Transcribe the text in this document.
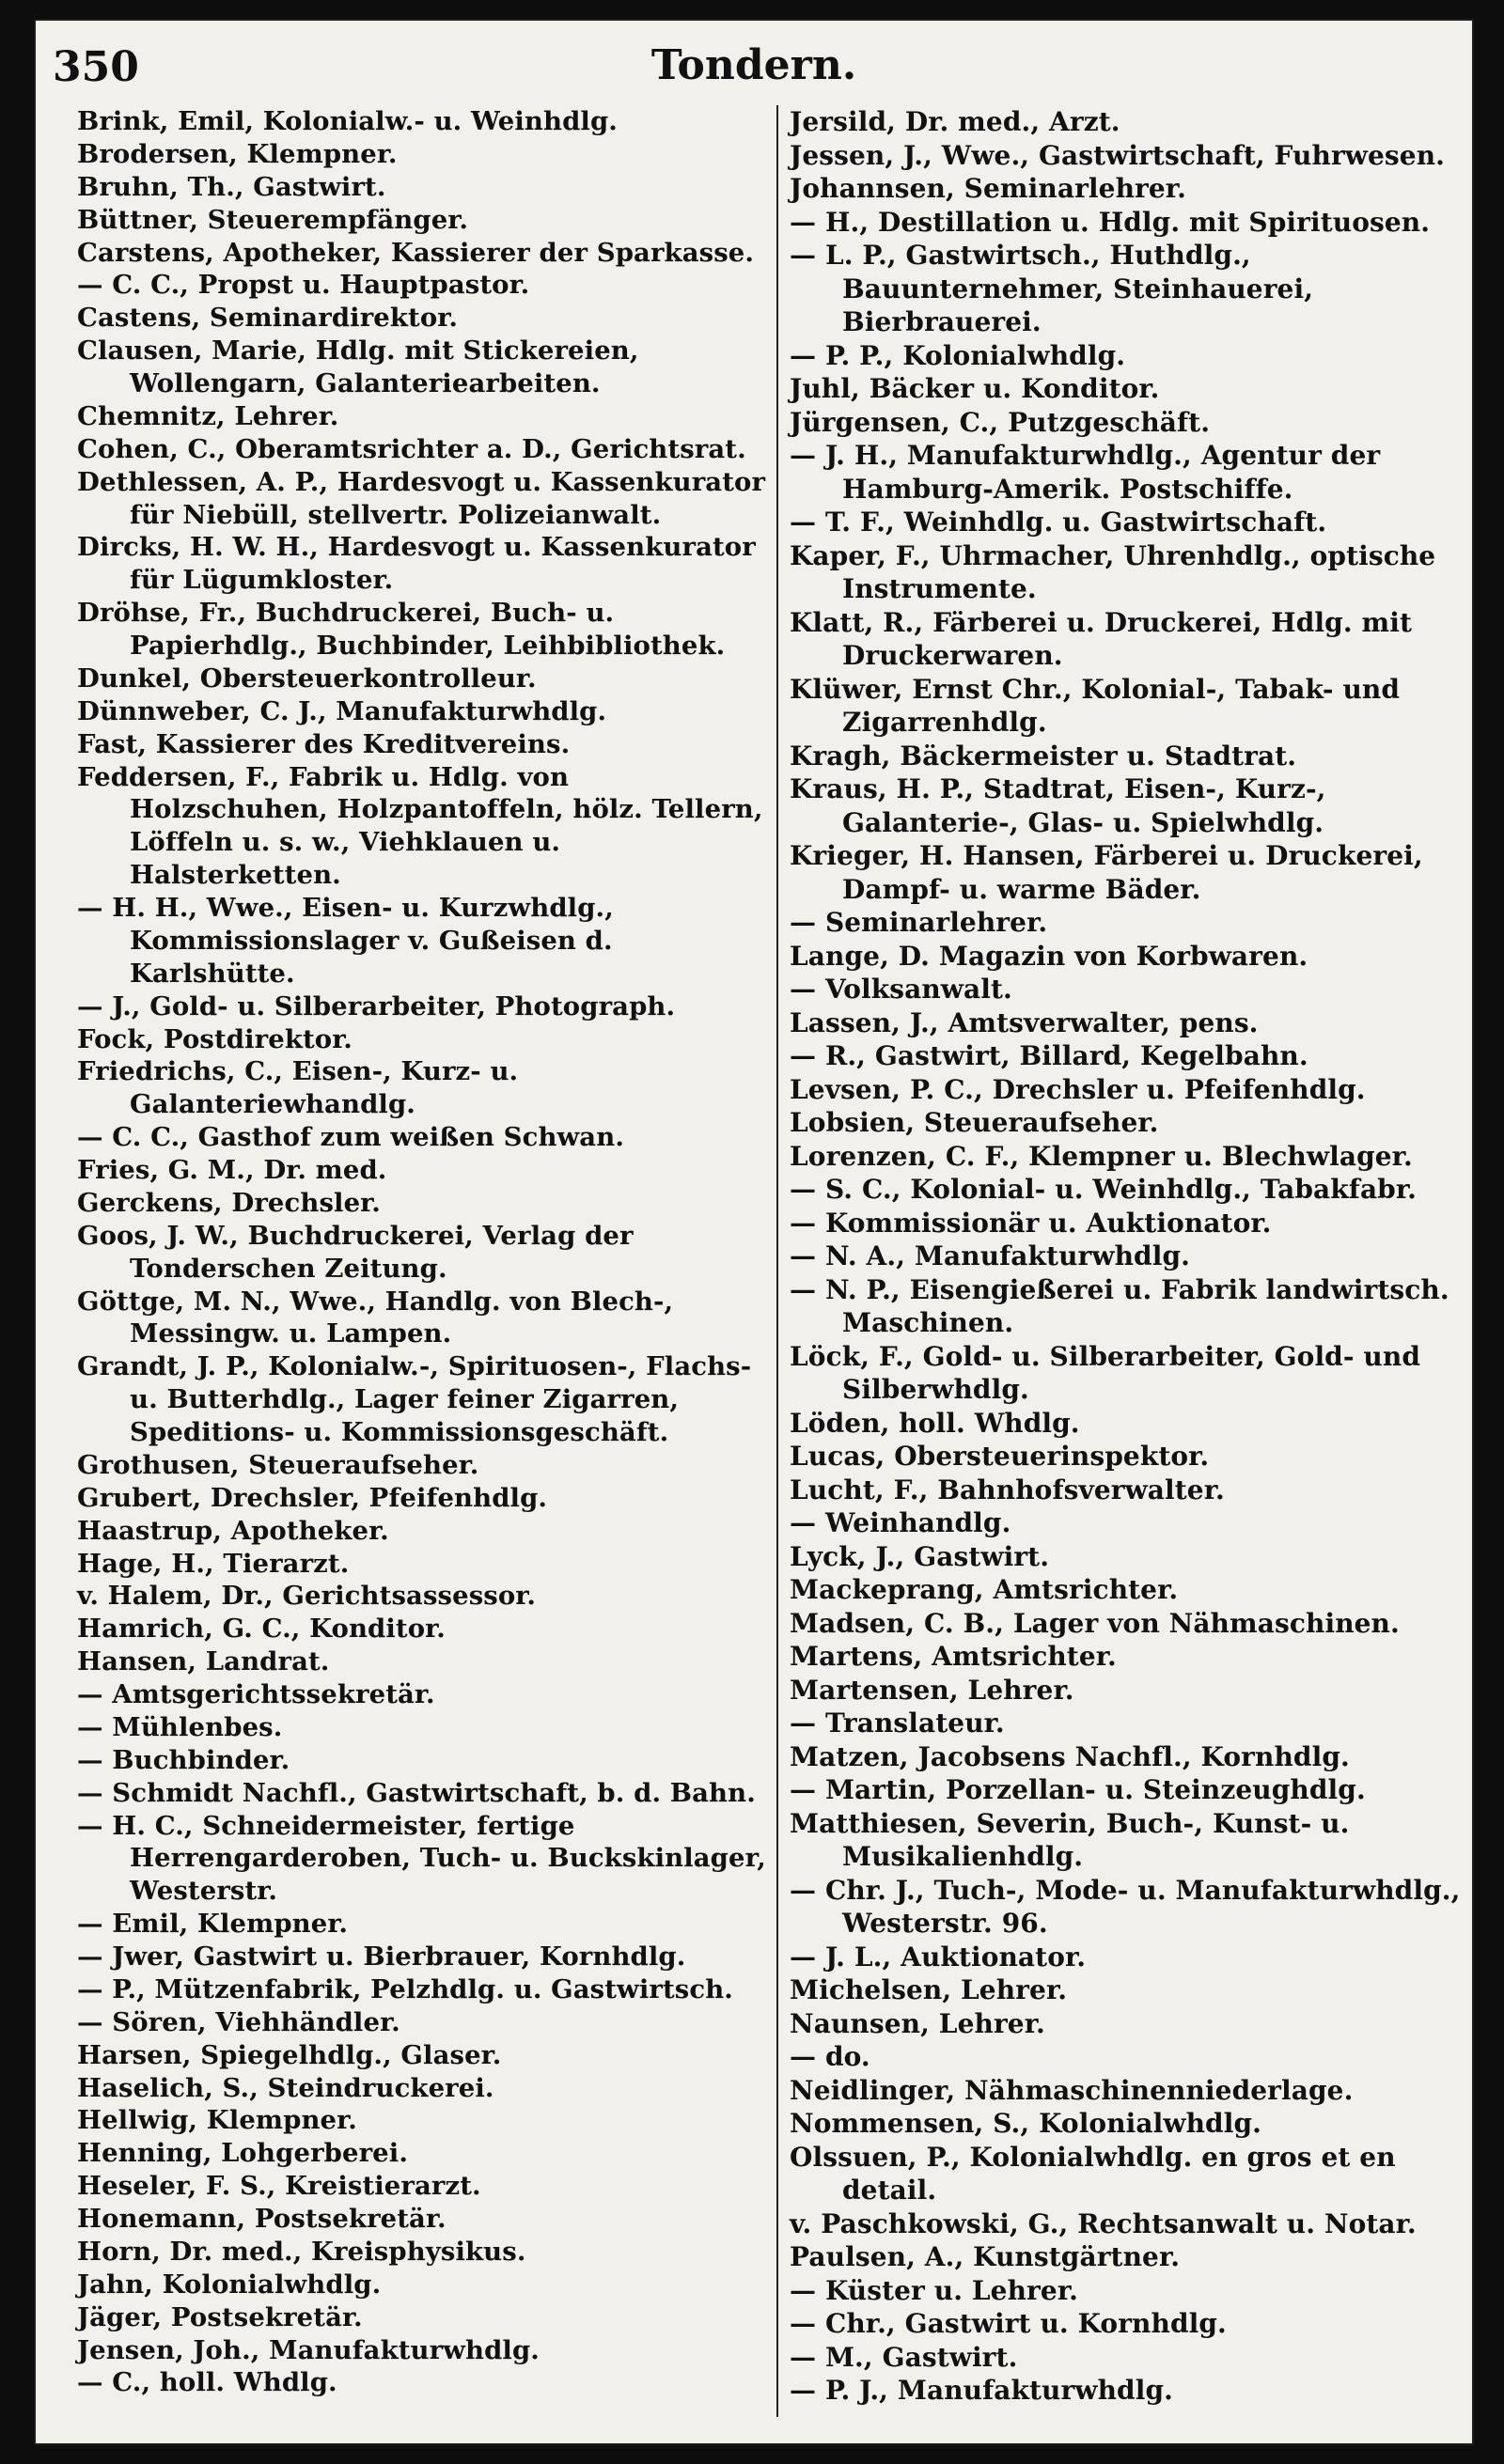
350	Tondern.
Brink, Emil, Kolonialw.- u. Weinhdlg.
Brodersen, Klempner.
Bruhn, Th., Gastwirt.
Büttner, Steuerempfänger.
Carstens, Apotheker, Kassierer der Sparkasse.
— C. C., Propst u. Hauptpastor.
Castens, Seminardirektor.
Clausen, Marie, Hdlg. mit Stickereien, Wollengarn, Galanteriearbeiten.
Chemnitz, Lehrer.
Cohen, C., Oberamtsrichter a. D., Gerichtsrat.
Dethlessen, A. P., Hardesvogt u. Kassenkurator für Niebüll, stellvertr. Polizeianwalt.
Dircks, H. W. H., Hardesvogt u. Kassenkurator für Lügumkloster.
Dröhse, Fr., Buchdruckerei, Buch- u. Papierhdlg., Buchbinder, Leihbibliothek.
Dunkel, Obersteuerkontrolleur.
Dünnweber, C. J., Manufakturwhdlg.
Fast, Kassierer des Kreditvereins.
Feddersen, F., Fabrik u. Hdlg. von Holzschuhen, Holzpantoffeln, hölz. Tellern, Löffeln u. s. w., Viehklauen u. Halsterketten.
— H. H., Wwe., Eisen- u. Kurzwhdlg., Kommissionslager v. Gußeisen d. Karlshütte.
— J., Gold- u. Silberarbeiter, Photograph.
Fock, Postdirektor.
Friedrichs, C., Eisen-, Kurz- u. Galanteriewhandlg.
— C. C., Gasthof zum weißen Schwan.
Fries, G. M., Dr. med.
Gerckens, Drechsler.
Goos, J. W., Buchdruckerei, Verlag der Tonderschen Zeitung.
Göttge, M. N., Wwe., Handlg. von Blech-, Messingw. u. Lampen.
Grandt, J. P., Kolonialw.-, Spirituosen-, Flachs- u. Butterhdlg., Lager feiner Zigarren, Speditions- u. Kommissionsgeschäft.
Grothusen, Steueraufseher.
Grubert, Drechsler, Pfeifenhdlg.
Haastrup, Apotheker.
Hage, H., Tierarzt.
v. Halem, Dr., Gerichtsassessor.
Hamrich, G. C., Konditor.
Hansen, Landrat.
— Amtsgerichtssekretär.
— Mühlenbes.
— Buchbinder.
— Schmidt Nachfl., Gastwirtschaft, b. d. Bahn.
— H. C., Schneidermeister, fertige Herrengarderoben, Tuch- u. Buckskinlager, Westerstr.
— Emil, Klempner.
— Jwer, Gastwirt u. Bierbrauer, Kornhdlg.
— P., Mützenfabrik, Pelzhdlg. u. Gastwirtsch.
— Sören, Viehhändler.
Harsen, Spiegelhdlg., Glaser.
Haselich, S., Steindruckerei.
Hellwig, Klempner.
Henning, Lohgerberei.
Heseler, F. S., Kreistierarzt.
Honemann, Postsekretär.
Horn, Dr. med., Kreisphysikus.
Jahn, Kolonialwhdlg.
Jäger, Postsekretär.
Jensen, Joh., Manufakturwhdlg.
— C., holl. Whdlg.
Jersild, Dr. med., Arzt.
Jessen, J., Wwe., Gastwirtschaft, Fuhrwesen.
Johannsen, Seminarlehrer.
— H., Destillation u. Hdlg. mit Spirituosen.
— L. P., Gastwirtsch., Huthdlg., Bauunternehmer, Steinhauerei, Bierbrauerei.
— P. P., Kolonialwhdlg.
Juhl, Bäcker u. Konditor.
Jürgensen, C., Putzgeschäft.
— J. H., Manufakturwhdlg., Agentur der Hamburg-Amerik. Postschiffe.
— T. F., Weinhdlg. u. Gastwirtschaft.
Kaper, F., Uhrmacher, Uhrenhdlg., optische Instrumente.
Klatt, R., Färberei u. Druckerei, Hdlg. mit Druckerwaren.
Klüwer, Ernst Chr., Kolonial-, Tabak- und Zigarrenhdlg.
Kragh, Bäckermeister u. Stadtrat.
Kraus, H. P., Stadtrat, Eisen-, Kurz-, Galanterie-, Glas- u. Spielwhdlg.
Krieger, H. Hansen, Färberei u. Druckerei, Dampf- u. warme Bäder.
— Seminarlehrer.
Lange, D. Magazin von Korbwaren.
— Volksanwalt.
Lassen, J., Amtsverwalter, pens.
— R., Gastwirt, Billard, Kegelbahn.
Levsen, P. C., Drechsler u. Pfeifenhdlg.
Lobsien, Steueraufseher.
Lorenzen, C. F., Klempner u. Blechwlager.
— S. C., Kolonial- u. Weinhdlg., Tabakfabr.
— Kommissionär u. Auktionator.
— N. A., Manufakturwhdlg.
— N. P., Eisengießerei u. Fabrik landwirtsch. Maschinen.
Löck, F., Gold- u. Silberarbeiter, Gold- und Silberwhdlg.
Löden, holl. Whdlg.
Lucas, Obersteuerinspektor.
Lucht, F., Bahnhofsverwalter.
— Weinhandlg.
Lyck, J., Gastwirt.
Mackeprang, Amtsrichter.
Madsen, C. B., Lager von Nähmaschinen.
Martens, Amtsrichter.
Martensen, Lehrer.
— Translateur.
Matzen, Jacobsens Nachfl., Kornhdlg.
— Martin, Porzellan- u. Steinzeughdlg.
Matthiesen, Severin, Buch-, Kunst- u. Musikalienhdlg.
— Chr. J., Tuch-, Mode- u. Manufakturwhdlg., Westerstr. 96.
— J. L., Auktionator.
Michelsen, Lehrer.
Naunsen, Lehrer.
— do.
Neidlinger, Nähmaschinenniederlage.
Nommensen, S., Kolonialwhdlg.
Olssuen, P., Kolonialwhdlg. en gros et en detail.
v. Paschkowski, G., Rechtsanwalt u. Notar.
Paulsen, A., Kunstgärtner.
— Küster u. Lehrer.
— Chr., Gastwirt u. Kornhdlg.
— M., Gastwirt.
— P. J., Manufakturwhdlg.
